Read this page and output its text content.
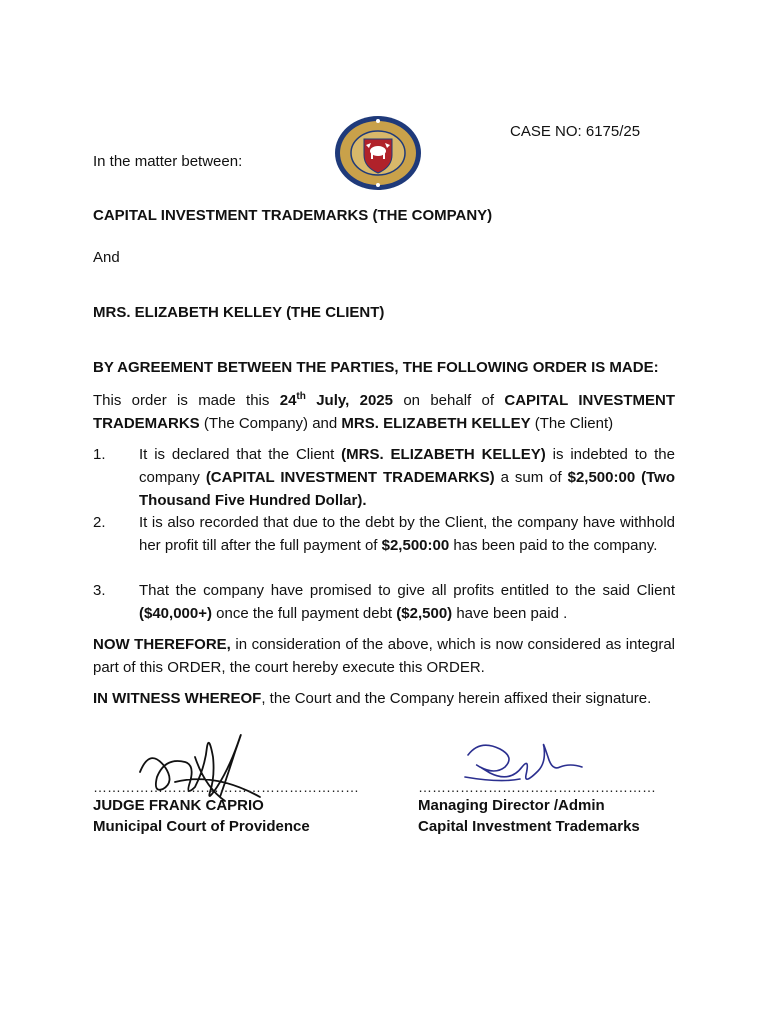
CASE NO: 6175/25
In the matter between:
CAPITAL INVESTMENT TRADEMARKS (THE COMPANY)
And
MRS. ELIZABETH KELLEY (THE CLIENT)
BY AGREEMENT BETWEEN THE PARTIES, THE FOLLOWING ORDER IS MADE:
This order is made this 24th July, 2025 on behalf of CAPITAL INVESTMENT TRADEMARKS (The Company) and MRS. ELIZABETH KELLEY (The Client)
1. It is declared that the Client (MRS. ELIZABETH KELLEY) is indebted to the company (CAPITAL INVESTMENT TRADEMARKS) a sum of $2,500:00 (Two Thousand Five Hundred Dollar).
2. It is also recorded that due to the debt by the Client, the company have withhold her profit till after the full payment of $2,500:00 has been paid to the company.
3. That the company have promised to give all profits entitled to the said Client ($40,000+) once the full payment debt ($2,500) have been paid .
NOW THEREFORE, in consideration of the above, which is now considered as integral part of this ORDER, the court hereby execute this ORDER.
IN WITNESS WHEREOF, the Court and the Company herein affixed their signature.
…………………………………………………	……………………………………………
JUDGE FRANK CAPRIO
Municipal Court of Providence
Managing Director /Admin
Capital Investment Trademarks
